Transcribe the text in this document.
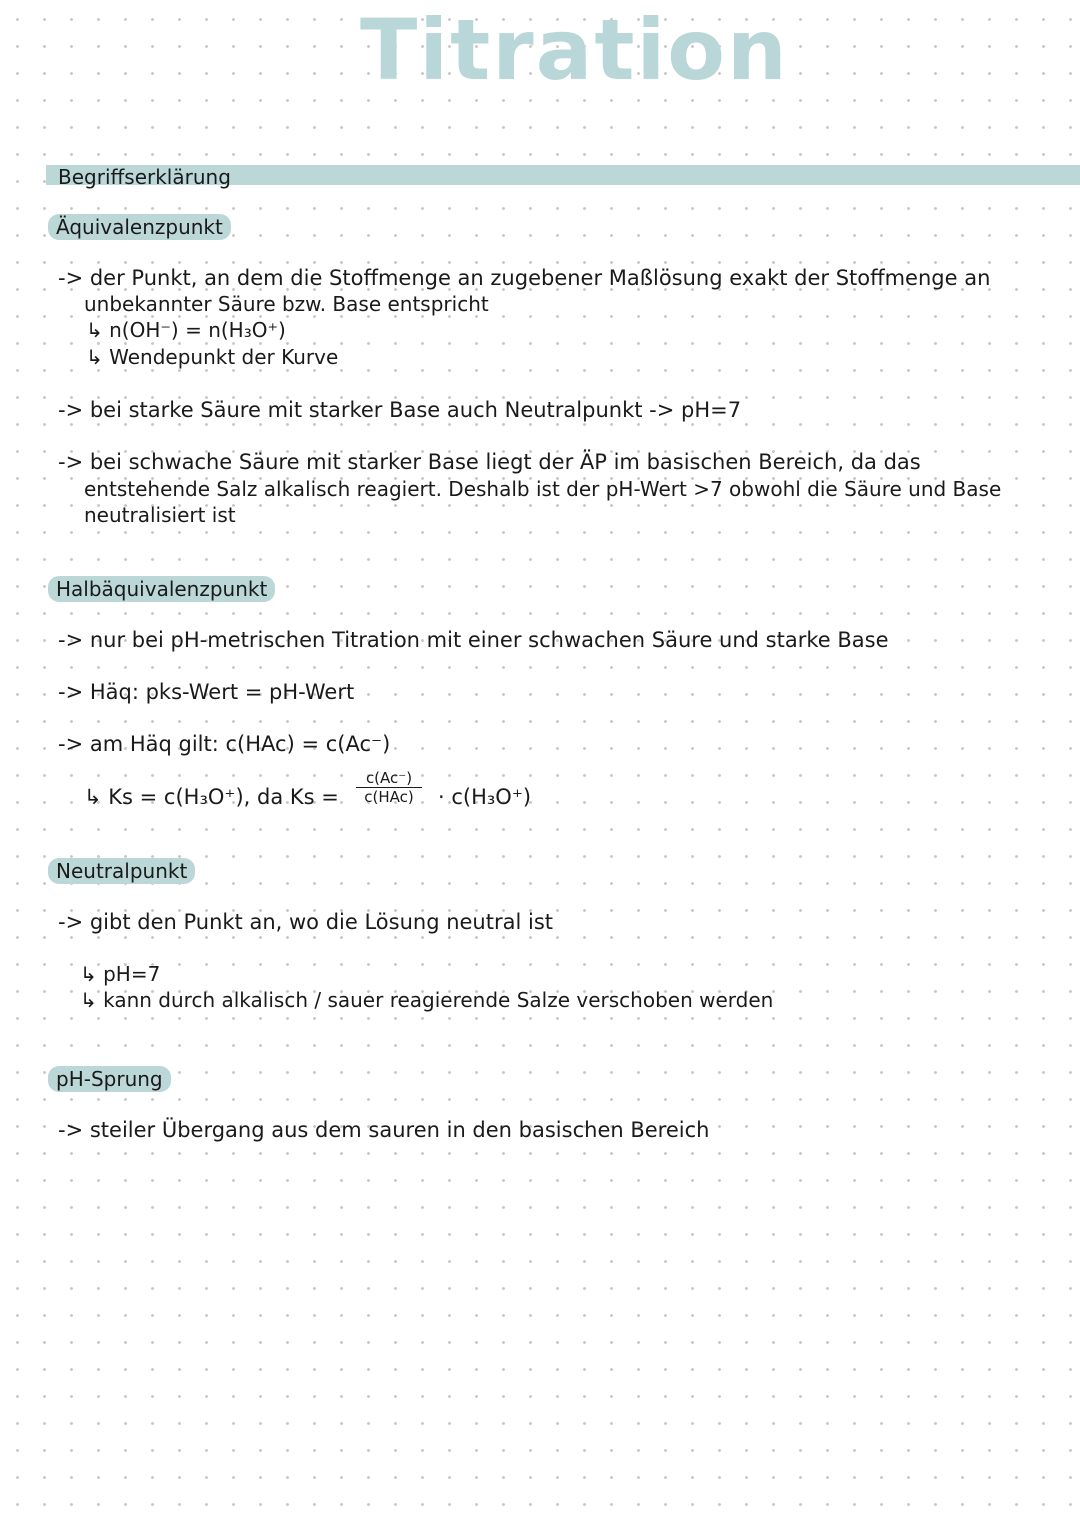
Titration
Begriffserklärung
Äquivalenzpunkt
-> der Punkt, an dem die Stoffmenge an zugebener Maßlösung exakt der Stoffmenge an
unbekannter Säure bzw. Base entspricht
↳ n(OH⁻) = n(H₃O⁺)
↳ Wendepunkt der Kurve
-> bei starke Säure mit starker Base auch Neutralpunkt -> pH=7
-> bei schwache Säure mit starker Base liegt der ÄP im basischen Bereich, da das
entstehende Salz alkalisch reagiert. Deshalb ist der pH-Wert >7 obwohl die Säure und Base
neutralisiert ist
Halbäquivalenzpunkt
-> nur bei pH-metrischen Titration mit einer schwachen Säure und starke Base
-> Häq: pks-Wert = pH-Wert
-> am Häq gilt: c(HAc) = c(Ac⁻)
↳ Ks = c(H₃O⁺), da Ks =
c(Ac⁻)
c(HAc) · c(H₃O⁺)
Neutralpunkt
-> gibt den Punkt an, wo die Lösung neutral ist
↳ pH=7
↳ kann durch alkalisch / sauer reagierende Salze verschoben werden
pH-Sprung
-> steiler Übergang aus dem sauren in den basischen Bereich
